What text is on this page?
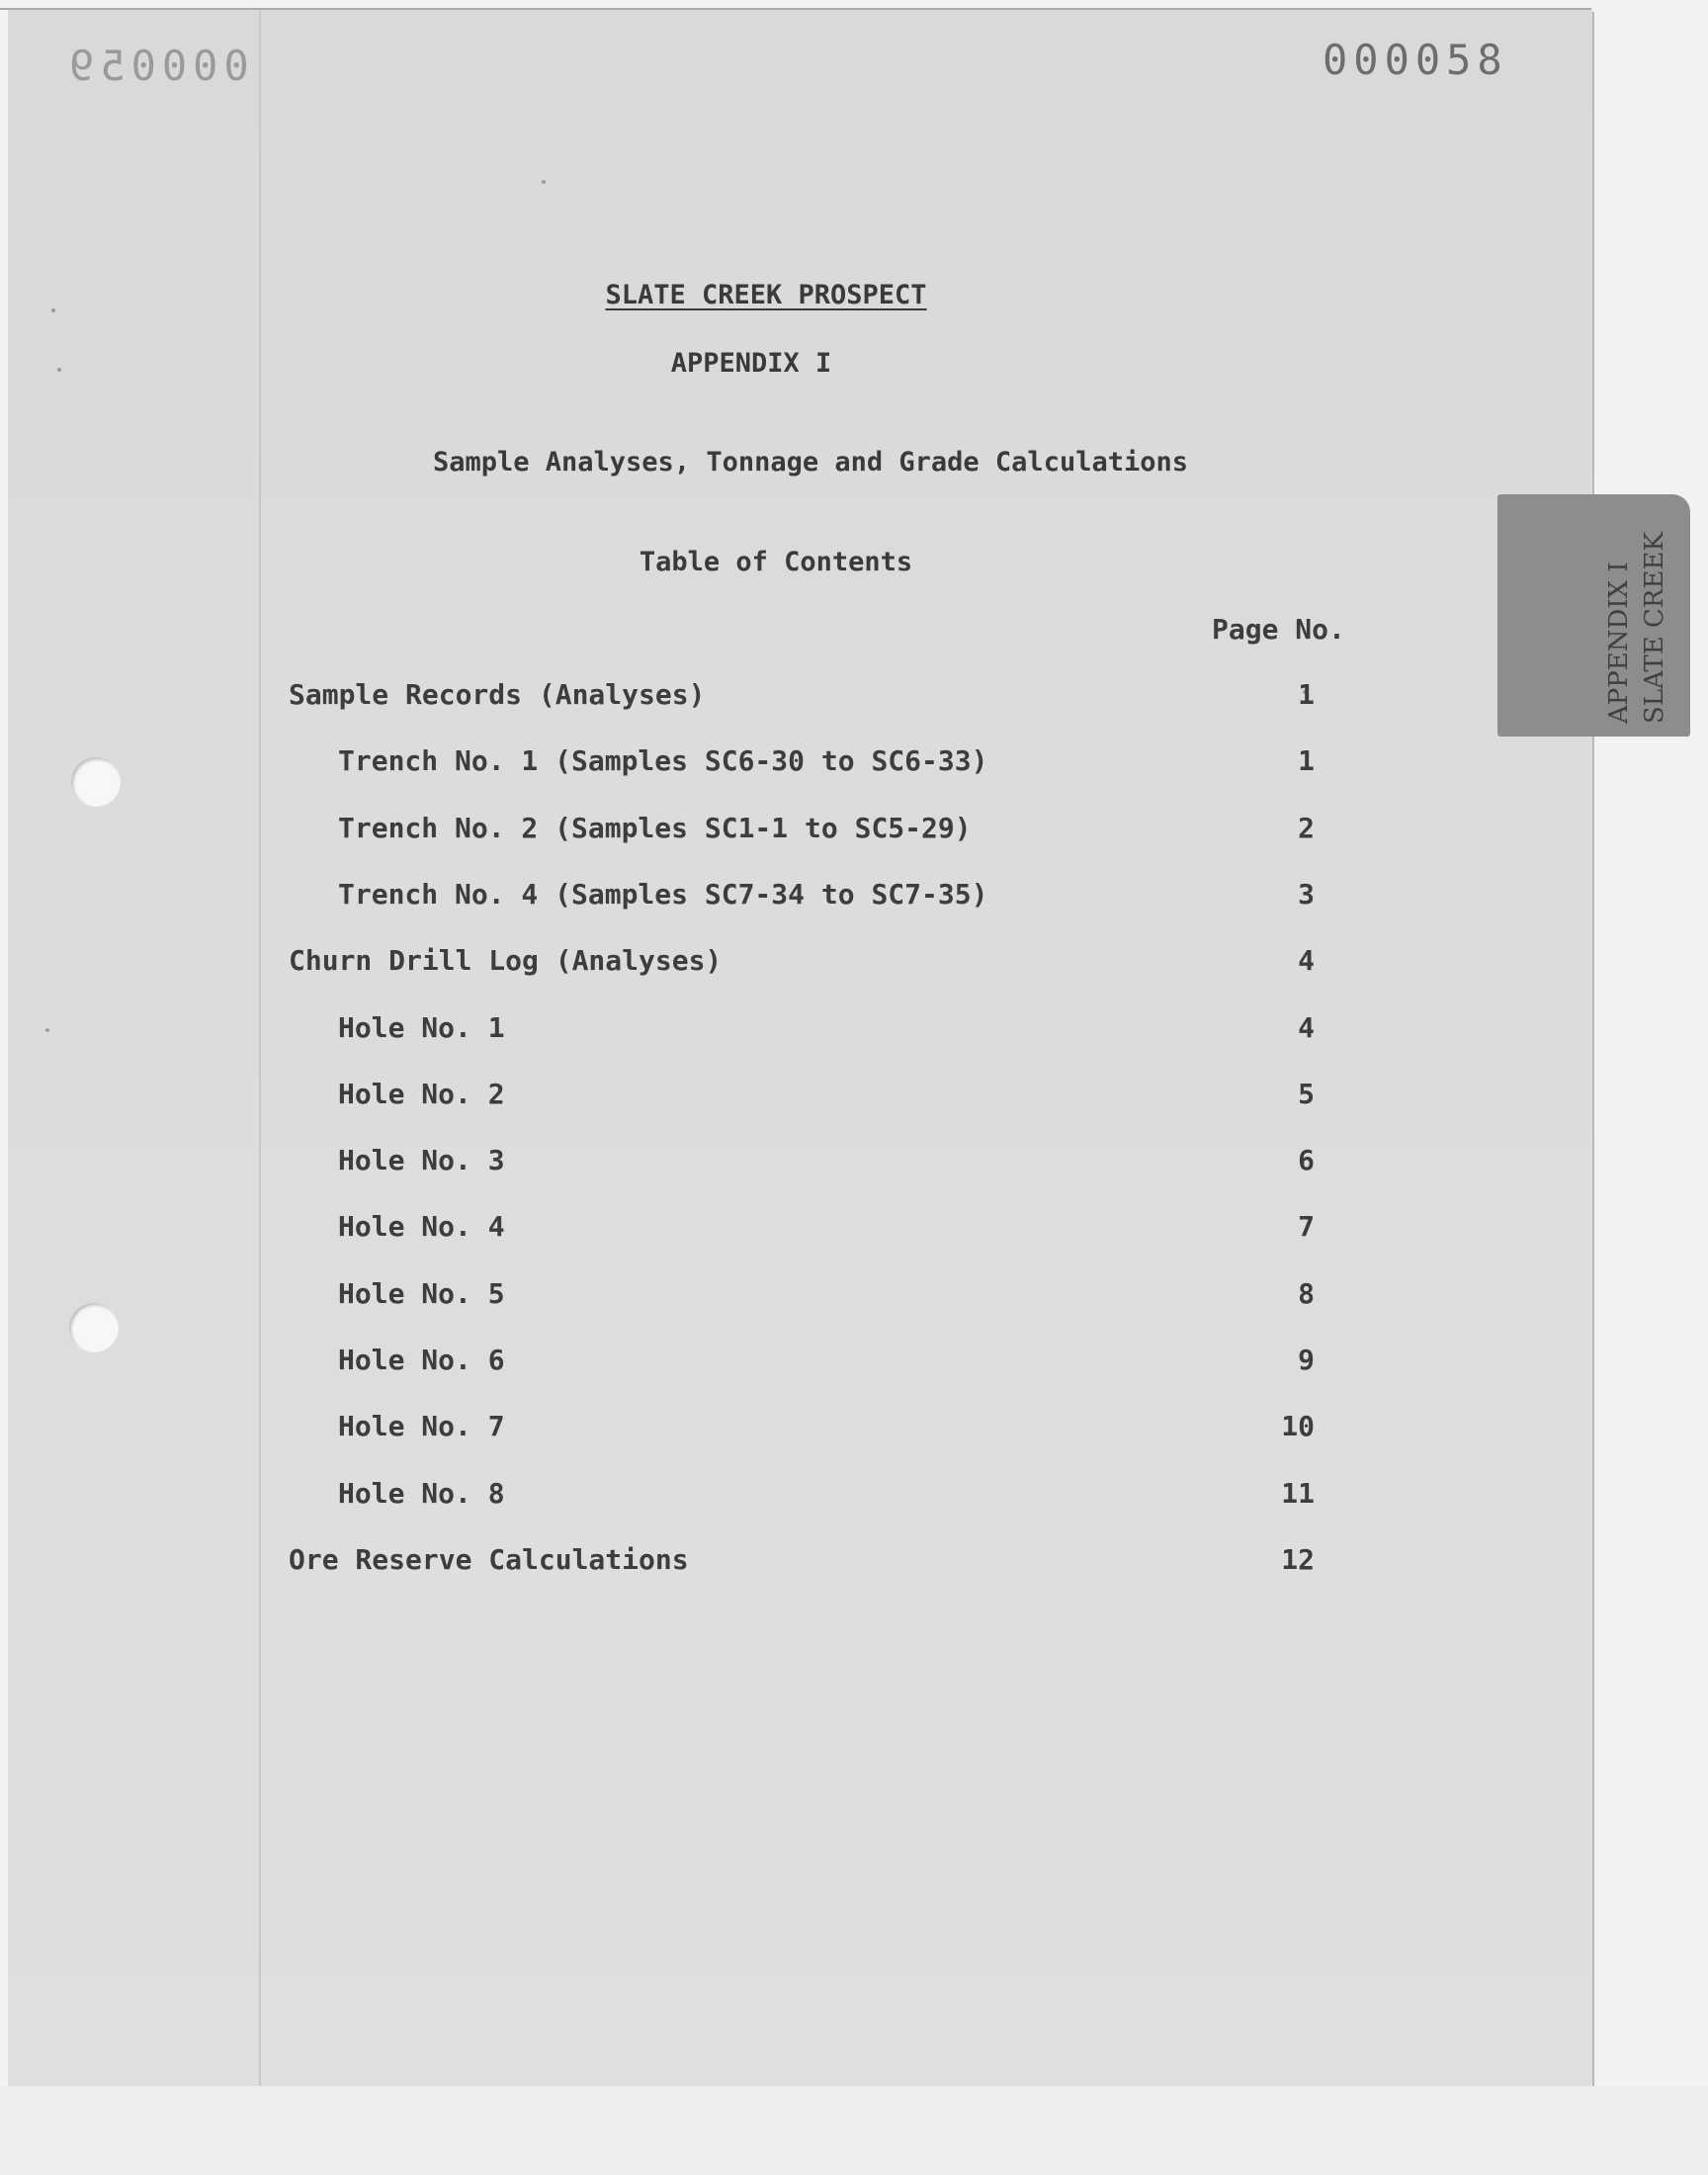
000059	000058
APPENDIX I SLATE CREEK
SLATE CREEK PROSPECT
APPENDIX I
Sample Analyses, Tonnage and Grade Calculations
Table of Contents
Page No.
Sample Records (Analyses)	1
Trench No. 1 (Samples SC6-30 to SC6-33)	1
Trench No. 2 (Samples SC1-1 to SC5-29)	2
Trench No. 4 (Samples SC7-34 to SC7-35)	3
Churn Drill Log (Analyses)	4
Hole No. 1	4
Hole No. 2	5
Hole No. 3	6
Hole No. 4	7
Hole No. 5	8
Hole No. 6	9
Hole No. 7	10
Hole No. 8	11
Ore Reserve Calculations	12
